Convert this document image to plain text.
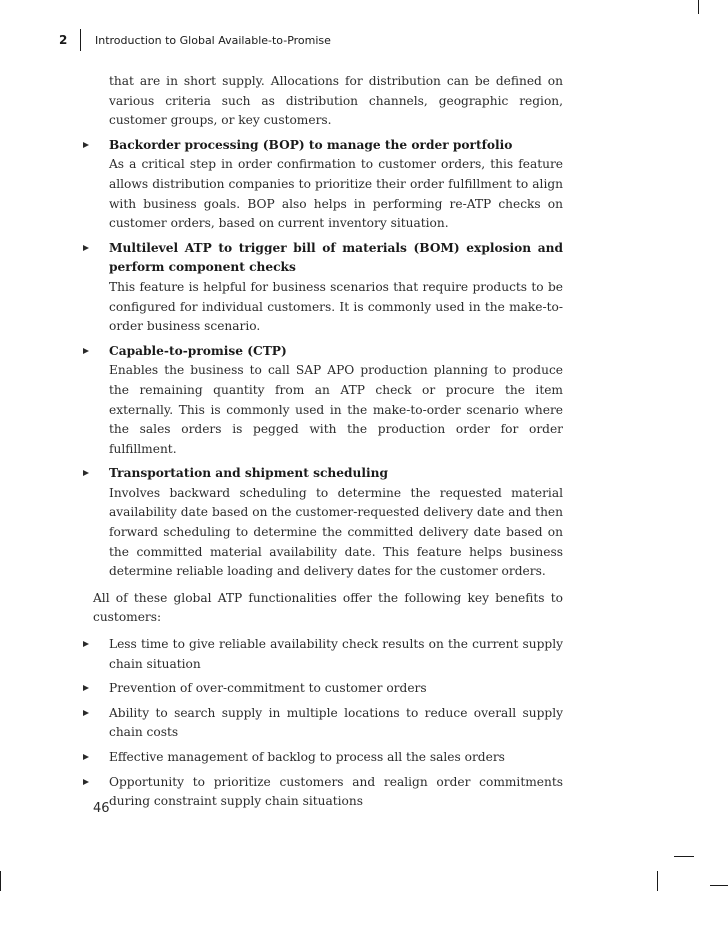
2	Introduction to Global Available-to-Promise

that are in short supply. Allocations for distribution can be defined on various criteria such as distribution channels, geographic region, customer groups, or key customers.

Backorder processing (BOP) to manage the order portfolio
As a critical step in order confirmation to customer orders, this feature allows distribution companies to prioritize their order fulfillment to align with business goals. BOP also helps in performing re-ATP checks on customer orders, based on current inventory situation.
Multilevel ATP to trigger bill of materials (BOM) explosion and perform component checks
This feature is helpful for business scenarios that require products to be configured for individual customers. It is commonly used in the make-to-order business scenario.
Capable-to-promise (CTP)
Enables the business to call SAP APO production planning to produce the remaining quantity from an ATP check or procure the item externally. This is commonly used in the make-to-order scenario where the sales orders is pegged with the production order for order fulfillment.
Transportation and shipment scheduling
Involves backward scheduling to determine the requested material availability date based on the customer-requested delivery date and then forward scheduling to determine the committed delivery date based on the committed material availability date. This feature helps business determine reliable loading and delivery dates for the customer orders.

All of these global ATP functionalities offer the following key benefits to customers:

Less time to give reliable availability check results on the current supply chain situation
Prevention of over-commitment to customer orders
Ability to search supply in multiple locations to reduce overall supply chain costs
Effective management of backlog to process all the sales orders
Opportunity to prioritize customers and realign order commitments during constraint supply chain situations
46
